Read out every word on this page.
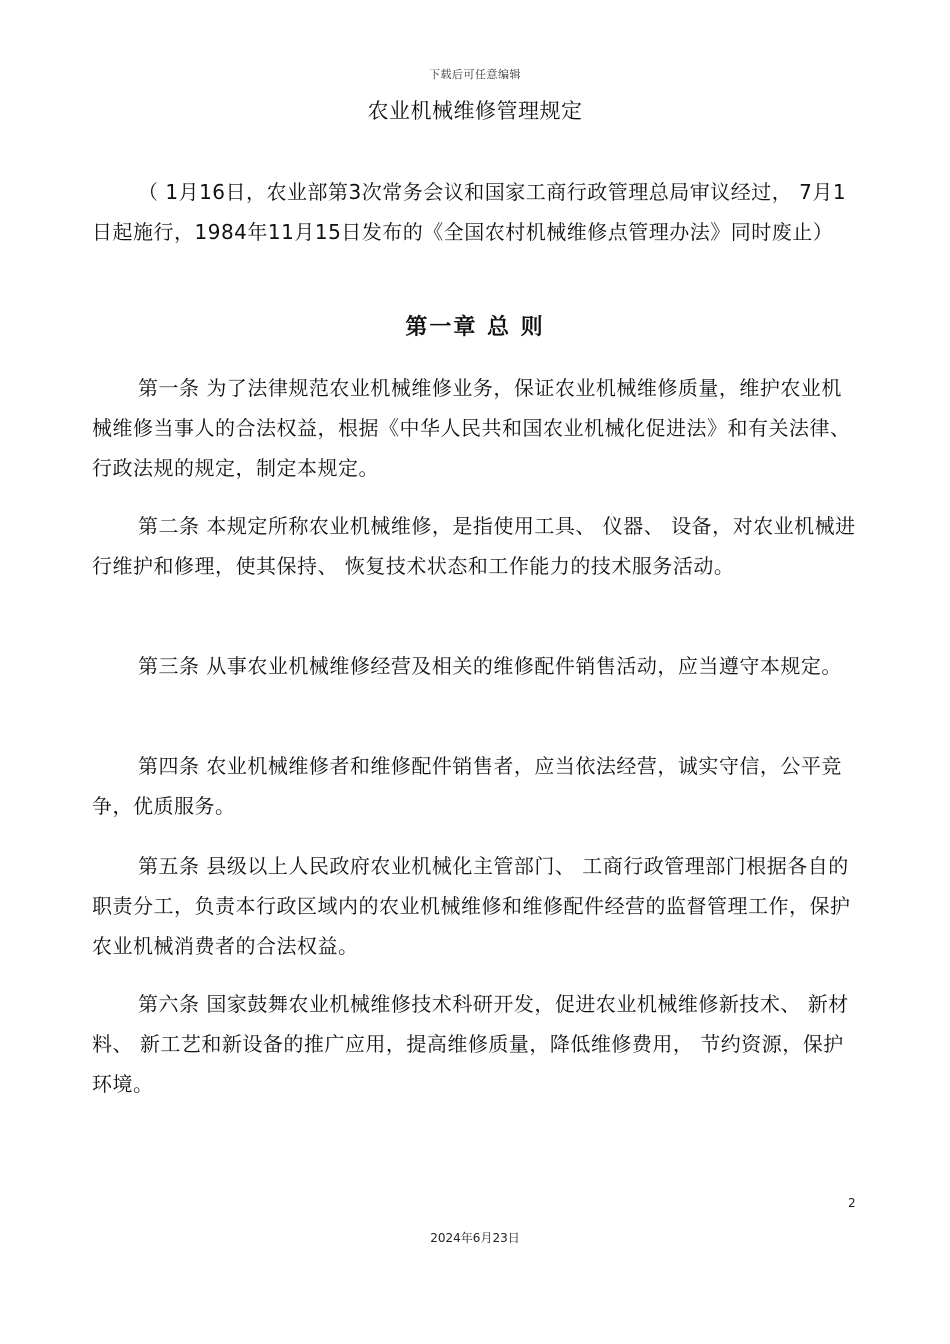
下载后可任意编辑
农业机械维修管理规定
（ 1月16日，农业部第3次常务会议和国家工商行政管理总局审议经过， 7月1日起施行，1984年11月15日发布的《全国农村机械维修点管理办法》同时废止）
第一章 总 则
第一条 为了法律规范农业机械维修业务，保证农业机械维修质量，维护农业机械维修当事人的合法权益，根据《中华人民共和国农业机械化促进法》和有关法律、 行政法规的规定，制定本规定。
第二条 本规定所称农业机械维修，是指使用工具、 仪器、 设备，对农业机械进行维护和修理，使其保持、 恢复技术状态和工作能力的技术服务活动。
第三条 从事农业机械维修经营及相关的维修配件销售活动，应当遵守本规定。
第四条 农业机械维修者和维修配件销售者，应当依法经营，诚实守信，公平竞争，优质服务。
第五条 县级以上人民政府农业机械化主管部门、 工商行政管理部门根据各自的职责分工，负责本行政区域内的农业机械维修和维修配件经营的监督管理工作，保护农业机械消费者的合法权益。
第六条 国家鼓舞农业机械维修技术科研开发，促进农业机械维修新技术、 新材料、 新工艺和新设备的推广应用，提高维修质量，降低维修费用， 节约资源，保护环境。
2
2024年6月23日
